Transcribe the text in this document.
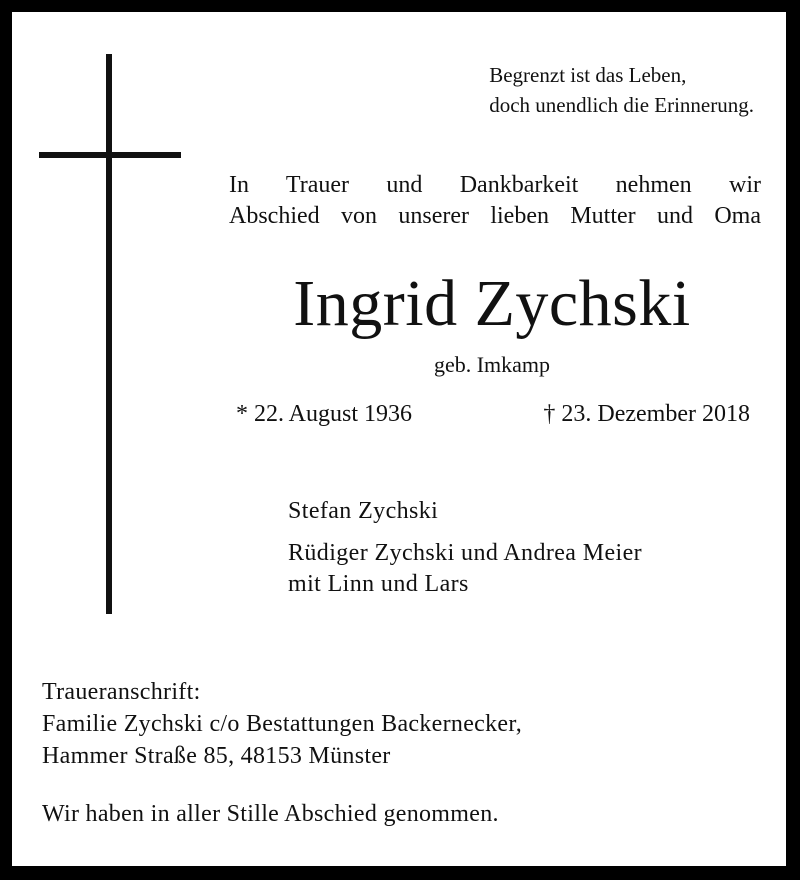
Begrenzt ist das Leben,
doch unendlich die Erinnerung.
In Trauer und Dankbarkeit nehmen wir
Abschied von unserer lieben Mutter und Oma
Ingrid Zychski
geb. Imkamp
* 22. August 1936	† 23. Dezember 2018
Stefan Zychski
Rüdiger Zychski und Andrea Meier
mit Linn und Lars
Traueranschrift:
Familie Zychski c/o Bestattungen Backernecker,
Hammer Straße 85, 48153 Münster
Wir haben in aller Stille Abschied genommen.
